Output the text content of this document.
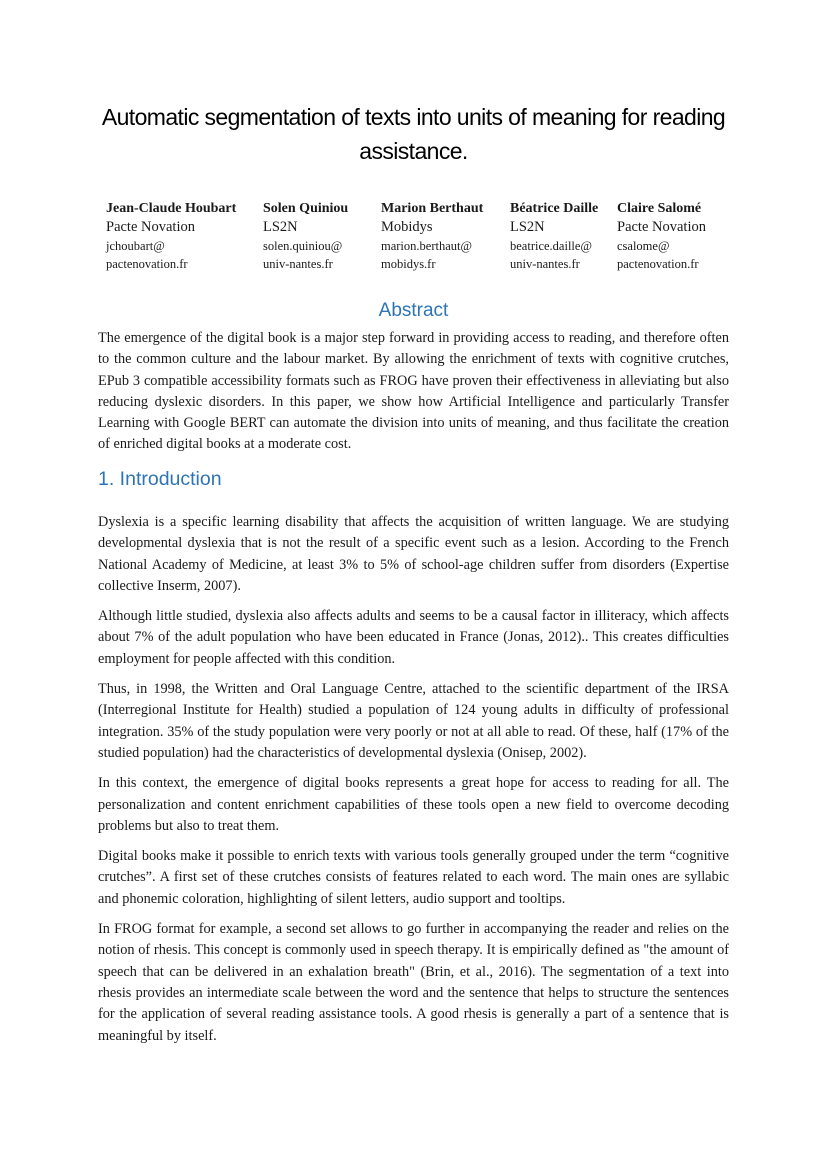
Automatic segmentation of texts into units of meaning for reading assistance.
Jean-Claude Houbart
Pacte Novation
jchoubart@
pactenovation.fr
Solen Quiniou
LS2N
solen.quiniou@
univ-nantes.fr
Marion Berthaut
Mobidys
marion.berthaut@
mobidys.fr
Béatrice Daille
LS2N
beatrice.daille@
univ-nantes.fr
Claire Salomé
Pacte Novation
csalome@
pactenovation.fr
Abstract

The emergence of the digital book is a major step forward in providing access to reading, and therefore often to the common culture and the labour market. By allowing the enrichment of texts with cognitive crutches, EPub 3 compatible accessibility formats such as FROG have proven their effectiveness in alleviating but also reducing dyslexic disorders. In this paper, we show how Artificial Intelligence and particularly Transfer Learning with Google BERT can automate the division into units of meaning, and thus facilitate the creation of enriched digital books at a moderate cost.

1. Introduction

Dyslexia is a specific learning disability that affects the acquisition of written language. We are studying developmental dyslexia that is not the result of a specific event such as a lesion. According to the French National Academy of Medicine, at least 3% to 5% of school-age children suffer from disorders (Expertise collective Inserm, 2007).

Although little studied, dyslexia also affects adults and seems to be a causal factor in illiteracy, which affects about 7% of the adult population who have been educated in France (Jonas, 2012).. This creates difficulties employment for people affected with this condition.

Thus, in 1998, the Written and Oral Language Centre, attached to the scientific department of the IRSA (Interregional Institute for Health) studied a population of 124 young adults in difficulty of professional integration. 35% of the study population were very poorly or not at all able to read. Of these, half (17% of the studied population) had the characteristics of developmental dyslexia (Onisep, 2002).

In this context, the emergence of digital books represents a great hope for access to reading for all. The personalization and content enrichment capabilities of these tools open a new field to overcome decoding problems but also to treat them.

Digital books make it possible to enrich texts with various tools generally grouped under the term “cognitive crutches”. A first set of these crutches consists of features related to each word. The main ones are syllabic and phonemic coloration, highlighting of silent letters, audio support and tooltips.

In FROG format for example, a second set allows to go further in accompanying the reader and relies on the notion of rhesis. This concept is commonly used in speech therapy. It is empirically defined as "the amount of speech that can be delivered in an exhalation breath" (Brin, et al., 2016). The segmentation of a text into rhesis provides an intermediate scale between the word and the sentence that helps to structure the sentences for the application of several reading assistance tools. A good rhesis is generally a part of a sentence that is meaningful by itself.
